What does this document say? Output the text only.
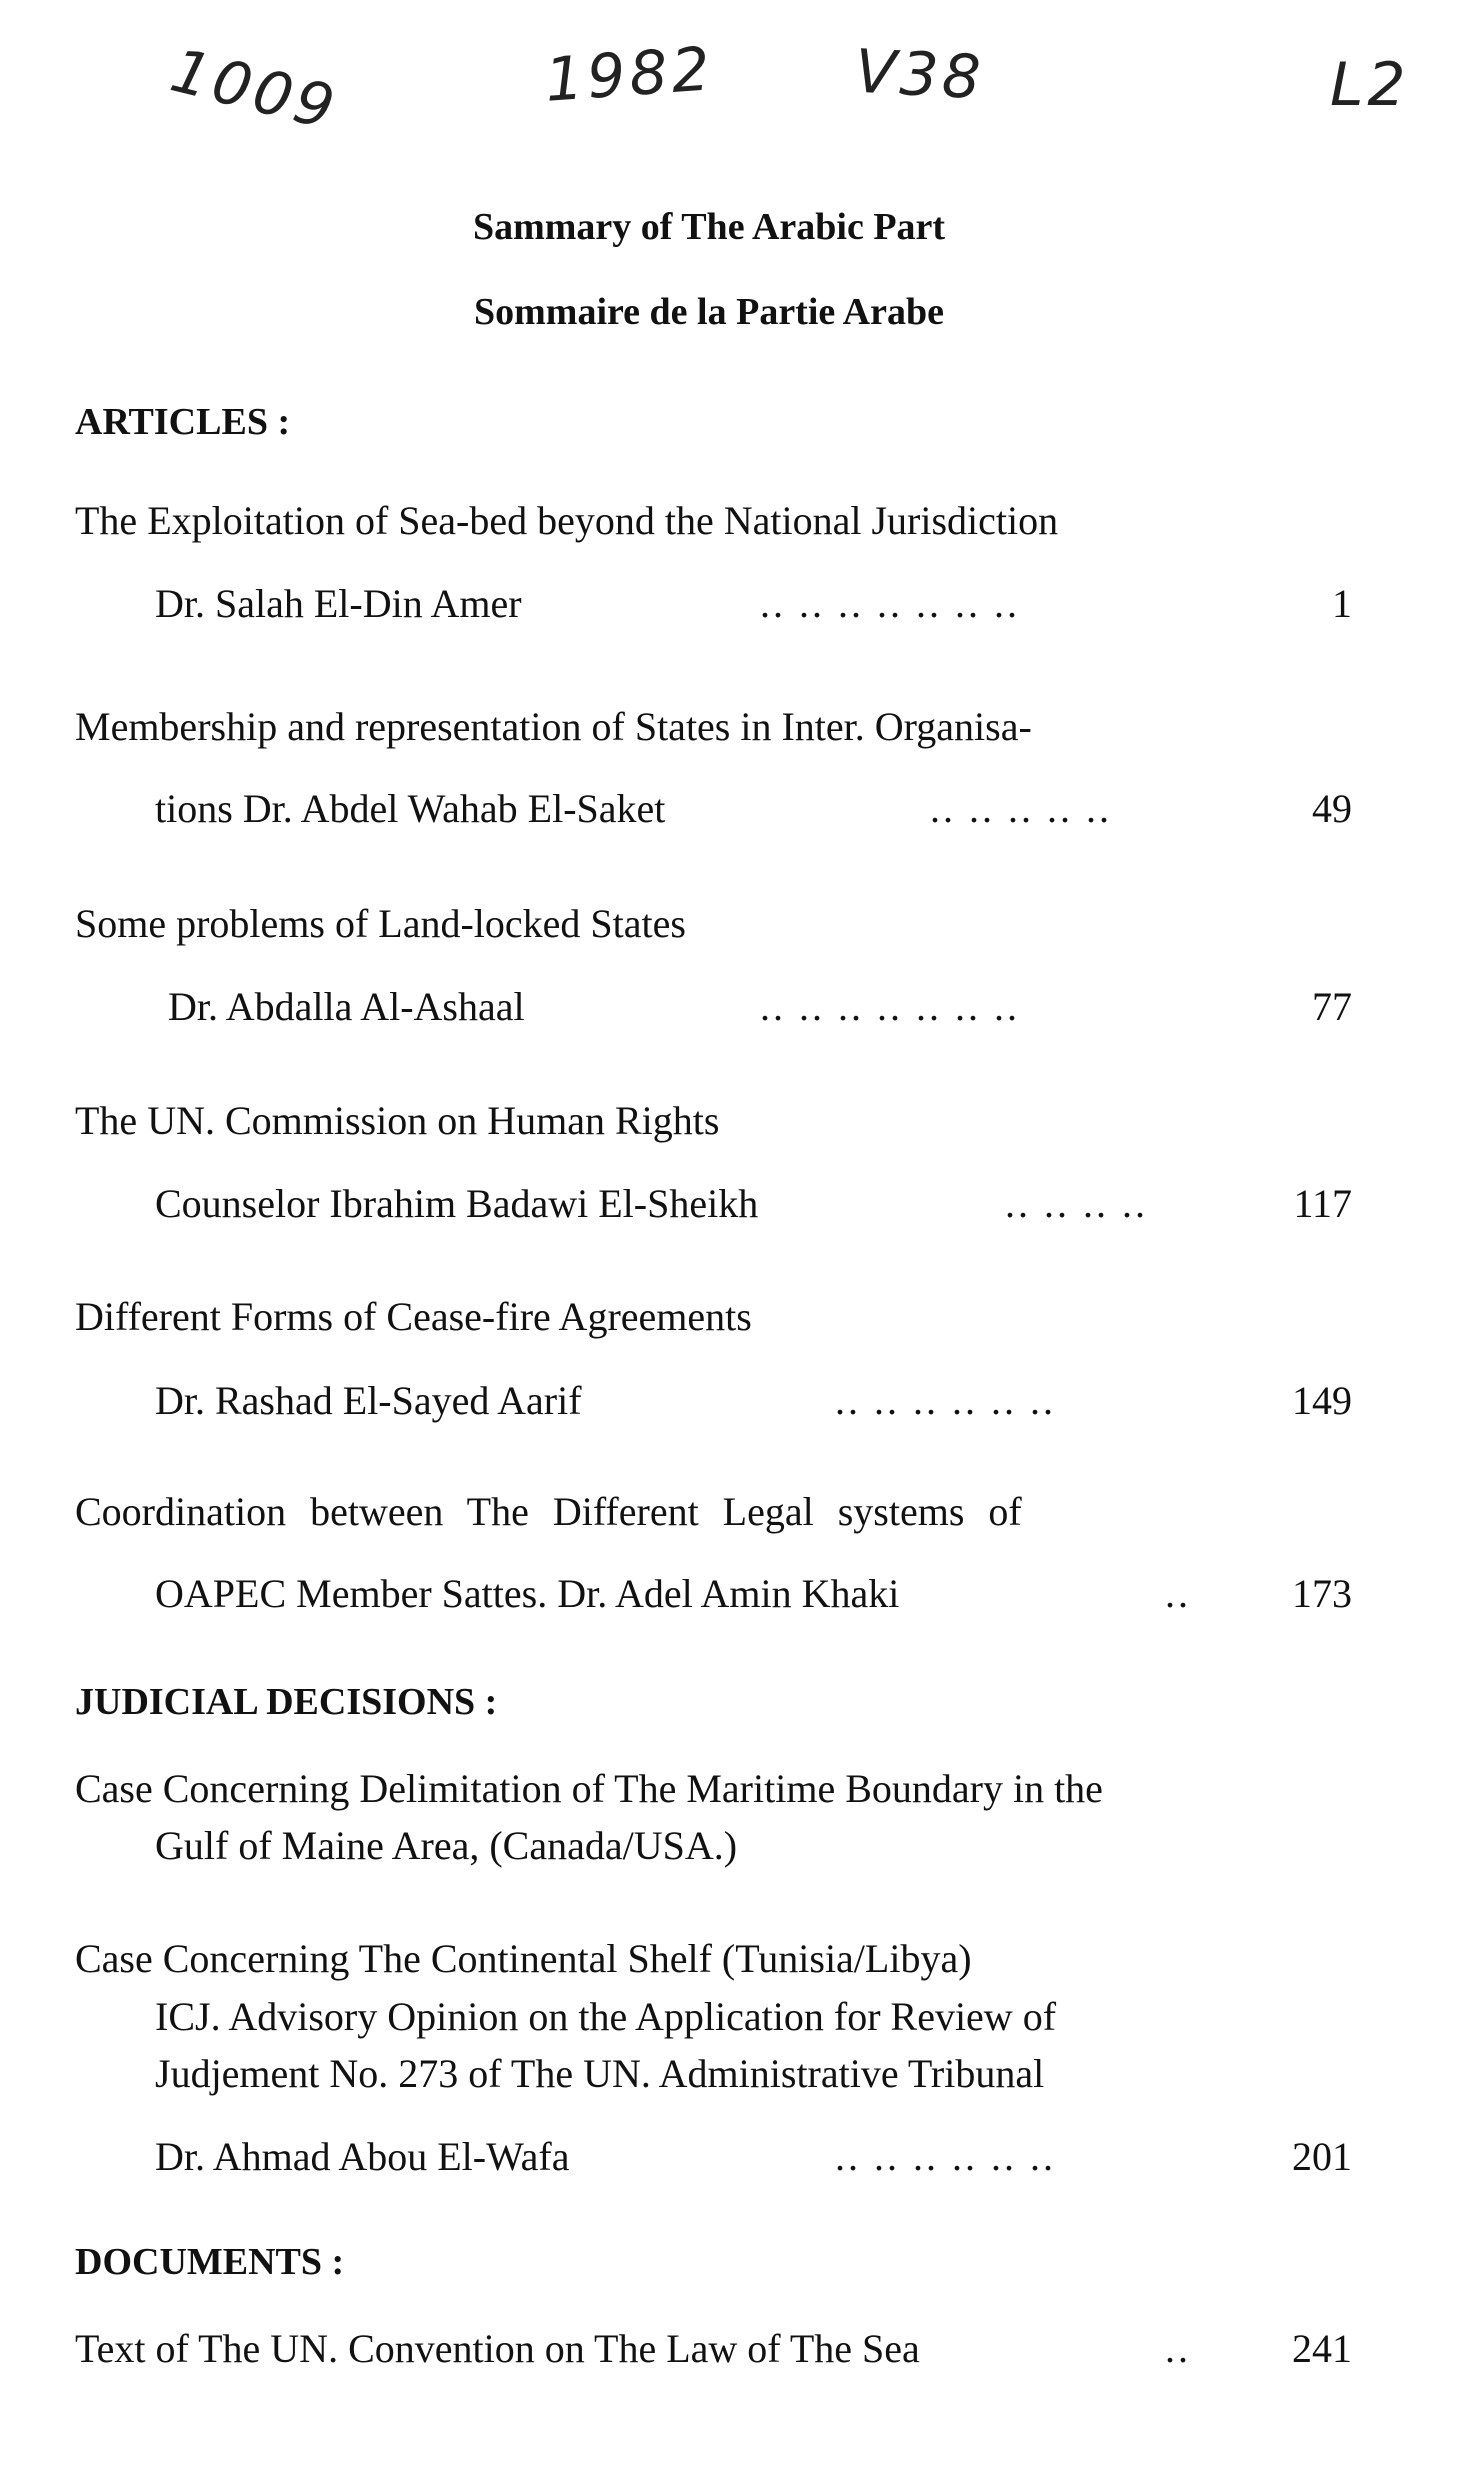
1009	1982 V38	L2
Sammary of The Arabic Part
Sommaire de la Partie Arabe
ARTICLES :
The Exploitation of Sea-bed beyond the National Jurisdiction
Dr. Salah El-Din Amer	.. .. .. .. .. .. ..	1
Membership and representation of States in Inter. Organisa-
tions Dr. Abdel Wahab El-Saket	.. .. .. .. ..	49
Some problems of Land-locked States
Dr. Abdalla Al-Ashaal	.. .. .. .. .. .. ..	77
The UN. Commission on Human Rights
Counselor Ibrahim Badawi El-Sheikh	.. .. .. ..	117
Different Forms of Cease-fire Agreements
Dr. Rashad El-Sayed Aarif	.. .. .. .. .. ..	149
Coordination between The Different Legal systems of
OAPEC Member Sattes. Dr. Adel Amin Khaki	..	173
JUDICIAL DECISIONS :
Case Concerning Delimitation of The Maritime Boundary in the
Gulf of Maine Area, (Canada/USA.)
Case Concerning The Continental Shelf (Tunisia/Libya)
ICJ. Advisory Opinion on the Application for Review of
Judjement No. 273 of The UN. Administrative Tribunal
Dr. Ahmad Abou El-Wafa	.. .. .. .. .. ..	201
DOCUMENTS :
Text of The UN. Convention on The Law of The Sea	..	241
